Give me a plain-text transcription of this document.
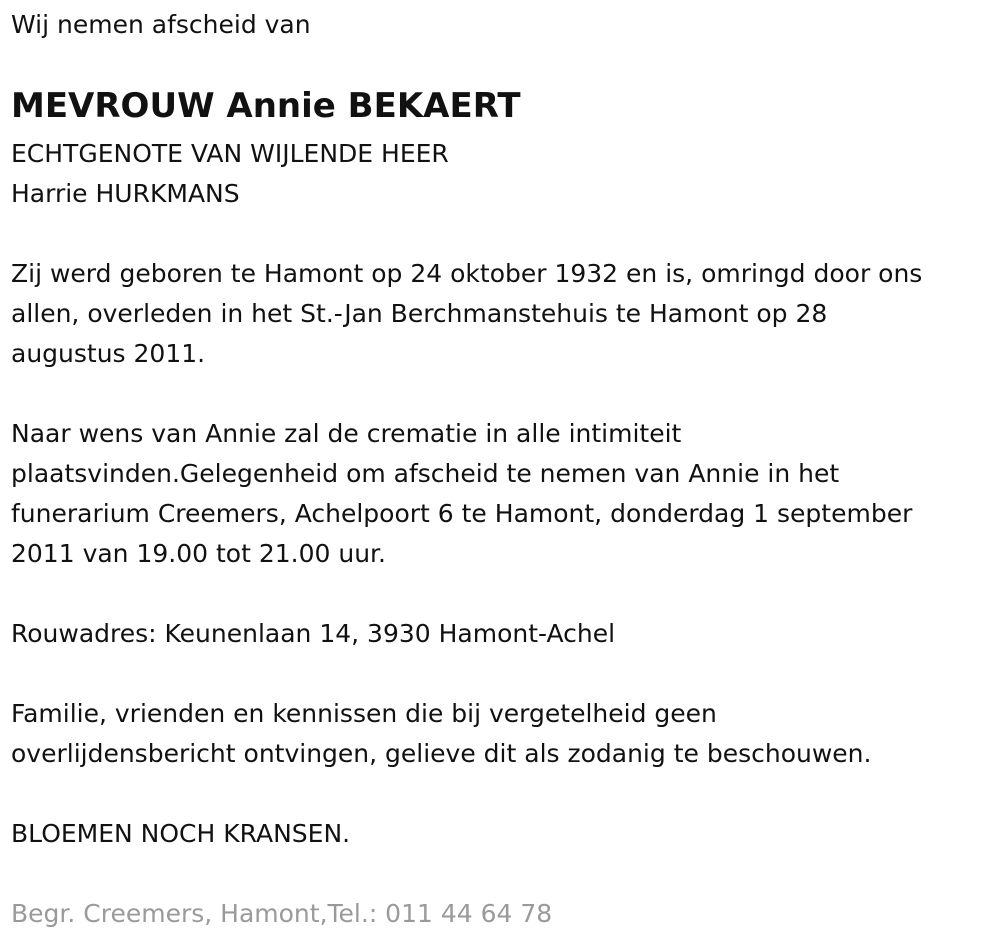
Wij nemen afscheid van
MEVROUW Annie BEKAERT
ECHTGENOTE VAN WIJLENDE HEER
Harrie HURKMANS
Zij werd geboren te Hamont op 24 oktober 1932 en is, omringd door ons
allen, overleden in het St.-Jan Berchmanstehuis te Hamont op 28
augustus 2011.
Naar wens van Annie zal de crematie in alle intimiteit
plaatsvinden.Gelegenheid om afscheid te nemen van Annie in het
funerarium Creemers, Achelpoort 6 te Hamont, donderdag 1 september
2011 van 19.00 tot 21.00 uur.
Rouwadres: Keunenlaan 14, 3930 Hamont-Achel
Familie, vrienden en kennissen die bij vergetelheid geen
overlijdensbericht ontvingen, gelieve dit als zodanig te beschouwen.
BLOEMEN NOCH KRANSEN.
Begr. Creemers, Hamont,Tel.: 011 44 64 78
